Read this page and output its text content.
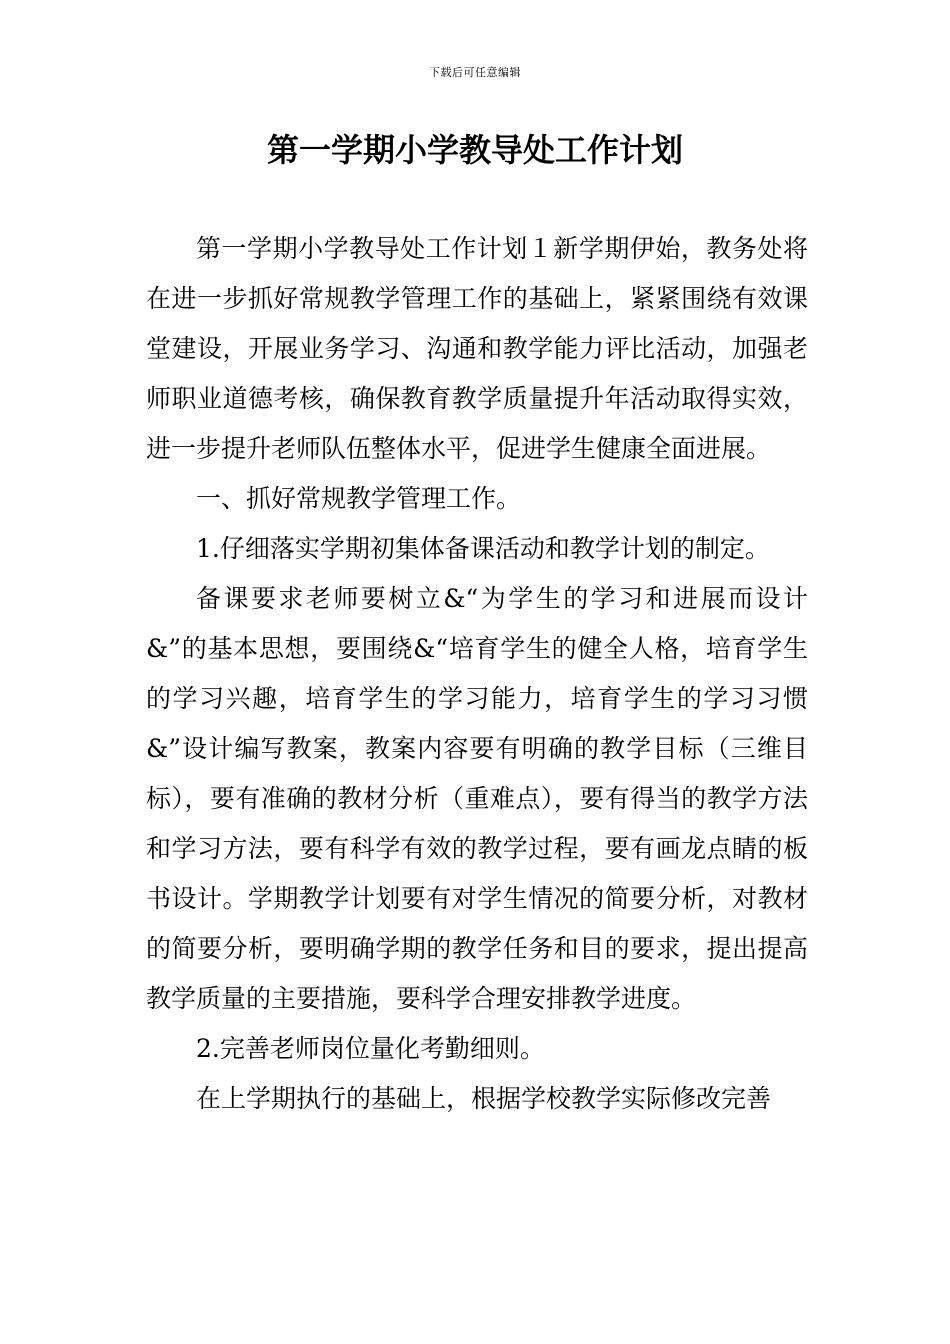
下载后可任意编辑
第一学期小学教导处工作计划

第一学期小学教导处工作计划１新学期伊始，教务处将在进一步抓好常规教学管理工作的基础上，紧紧围绕有效课堂建设，开展业务学习、沟通和教学能力评比活动，加强老师职业道德考核，确保教育教学质量提升年活动取得实效，进一步提升老师队伍整体水平，促进学生健康全面进展。

一、抓好常规教学管理工作。

1.仔细落实学期初集体备课活动和教学计划的制定。

备课要求老师要树立&“为学生的学习和进展而设计&”的基本思想，要围绕&“培育学生的健全人格，培育学生的学习兴趣，培育学生的学习能力，培育学生的学习习惯&”设计编写教案，教案内容要有明确的教学目标（三维目标），要有准确的教材分析（重难点），要有得当的教学方法和学习方法，要有科学有效的教学过程，要有画龙点睛的板书设计。学期教学计划要有对学生情况的简要分析，对教材的简要分析，要明确学期的教学任务和目的要求，提出提高教学质量的主要措施，要科学合理安排教学进度。

2.完善老师岗位量化考勤细则。

在上学期执行的基础上，根据学校教学实际修改完善
